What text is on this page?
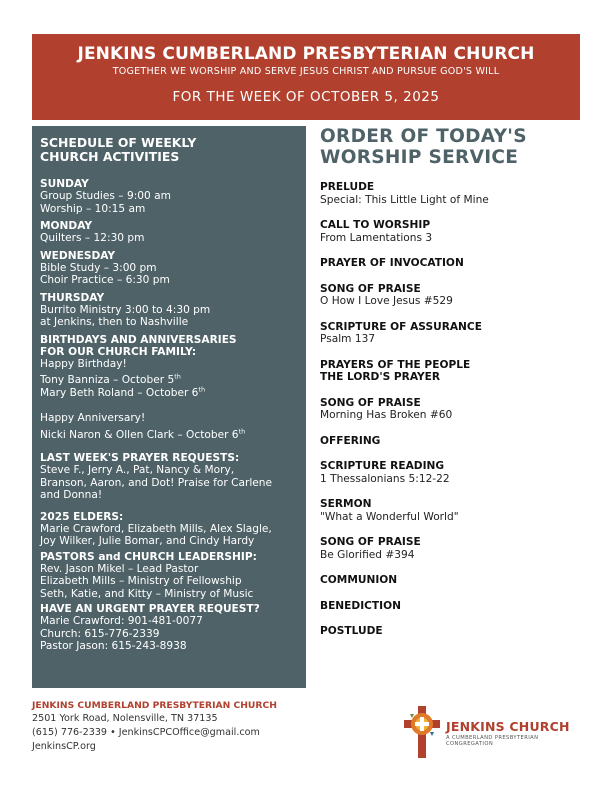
JENKINS CUMBERLAND PRESBYTERIAN CHURCH
TOGETHER WE WORSHIP AND SERVE JESUS CHRIST AND PURSUE GOD'S WILL
FOR THE WEEK OF OCTOBER 5, 2025
SCHEDULE OF WEEKLY
CHURCH ACTIVITIES
SUNDAY
Group Studies – 9:00 am
Worship – 10:15 am
MONDAY
Quilters – 12:30 pm
WEDNESDAY
Bible Study – 3:00 pm
Choir Practice – 6:30 pm
THURSDAY
Burrito Ministry 3:00 to 4:30 pm
at Jenkins, then to Nashville
BIRTHDAYS AND ANNIVERSARIES
FOR OUR CHURCH FAMILY:
Happy Birthday!
Tony Banniza – October 5th
Mary Beth Roland – October 6th
Happy Anniversary!
Nicki Naron & Ollen Clark – October 6th
LAST WEEK'S PRAYER REQUESTS:
Steve F., Jerry A., Pat, Nancy & Mory,
Branson, Aaron, and Dot! Praise for Carlene
and Donna!
2025 ELDERS:
Marie Crawford, Elizabeth Mills, Alex Slagle,
Joy Wilker, Julie Bomar, and Cindy Hardy
PASTORS and CHURCH LEADERSHIP:
Rev. Jason Mikel – Lead Pastor
Elizabeth Mills – Ministry of Fellowship
Seth, Katie, and Kitty – Ministry of Music
HAVE AN URGENT PRAYER REQUEST?
Marie Crawford: 901-481-0077
Church: 615-776-2339
Pastor Jason: 615-243-8938
ORDER OF TODAY'S
WORSHIP SERVICE
PRELUDE
Special: This Little Light of Mine
CALL TO WORSHIP
From Lamentations 3
PRAYER OF INVOCATION
SONG OF PRAISE
O How I Love Jesus #529
SCRIPTURE OF ASSURANCE
Psalm 137
PRAYERS OF THE PEOPLE
THE LORD'S PRAYER
SONG OF PRAISE
Morning Has Broken #60
OFFERING
SCRIPTURE READING
1 Thessalonians 5:12-22
SERMON
"What a Wonderful World"
SONG OF PRAISE
Be Glorified #394
COMMUNION
BENEDICTION
POSTLUDE
JENKINS CUMBERLAND PRESBYTERIAN CHURCH
2501 York Road, Nolensville, TN 37135
(615) 776-2339 • JenkinsCPCOffice@gmail.com
JenkinsCP.org
JENKINS CHURCH
A CUMBERLAND PRESBYTERIAN CONGREGATION
